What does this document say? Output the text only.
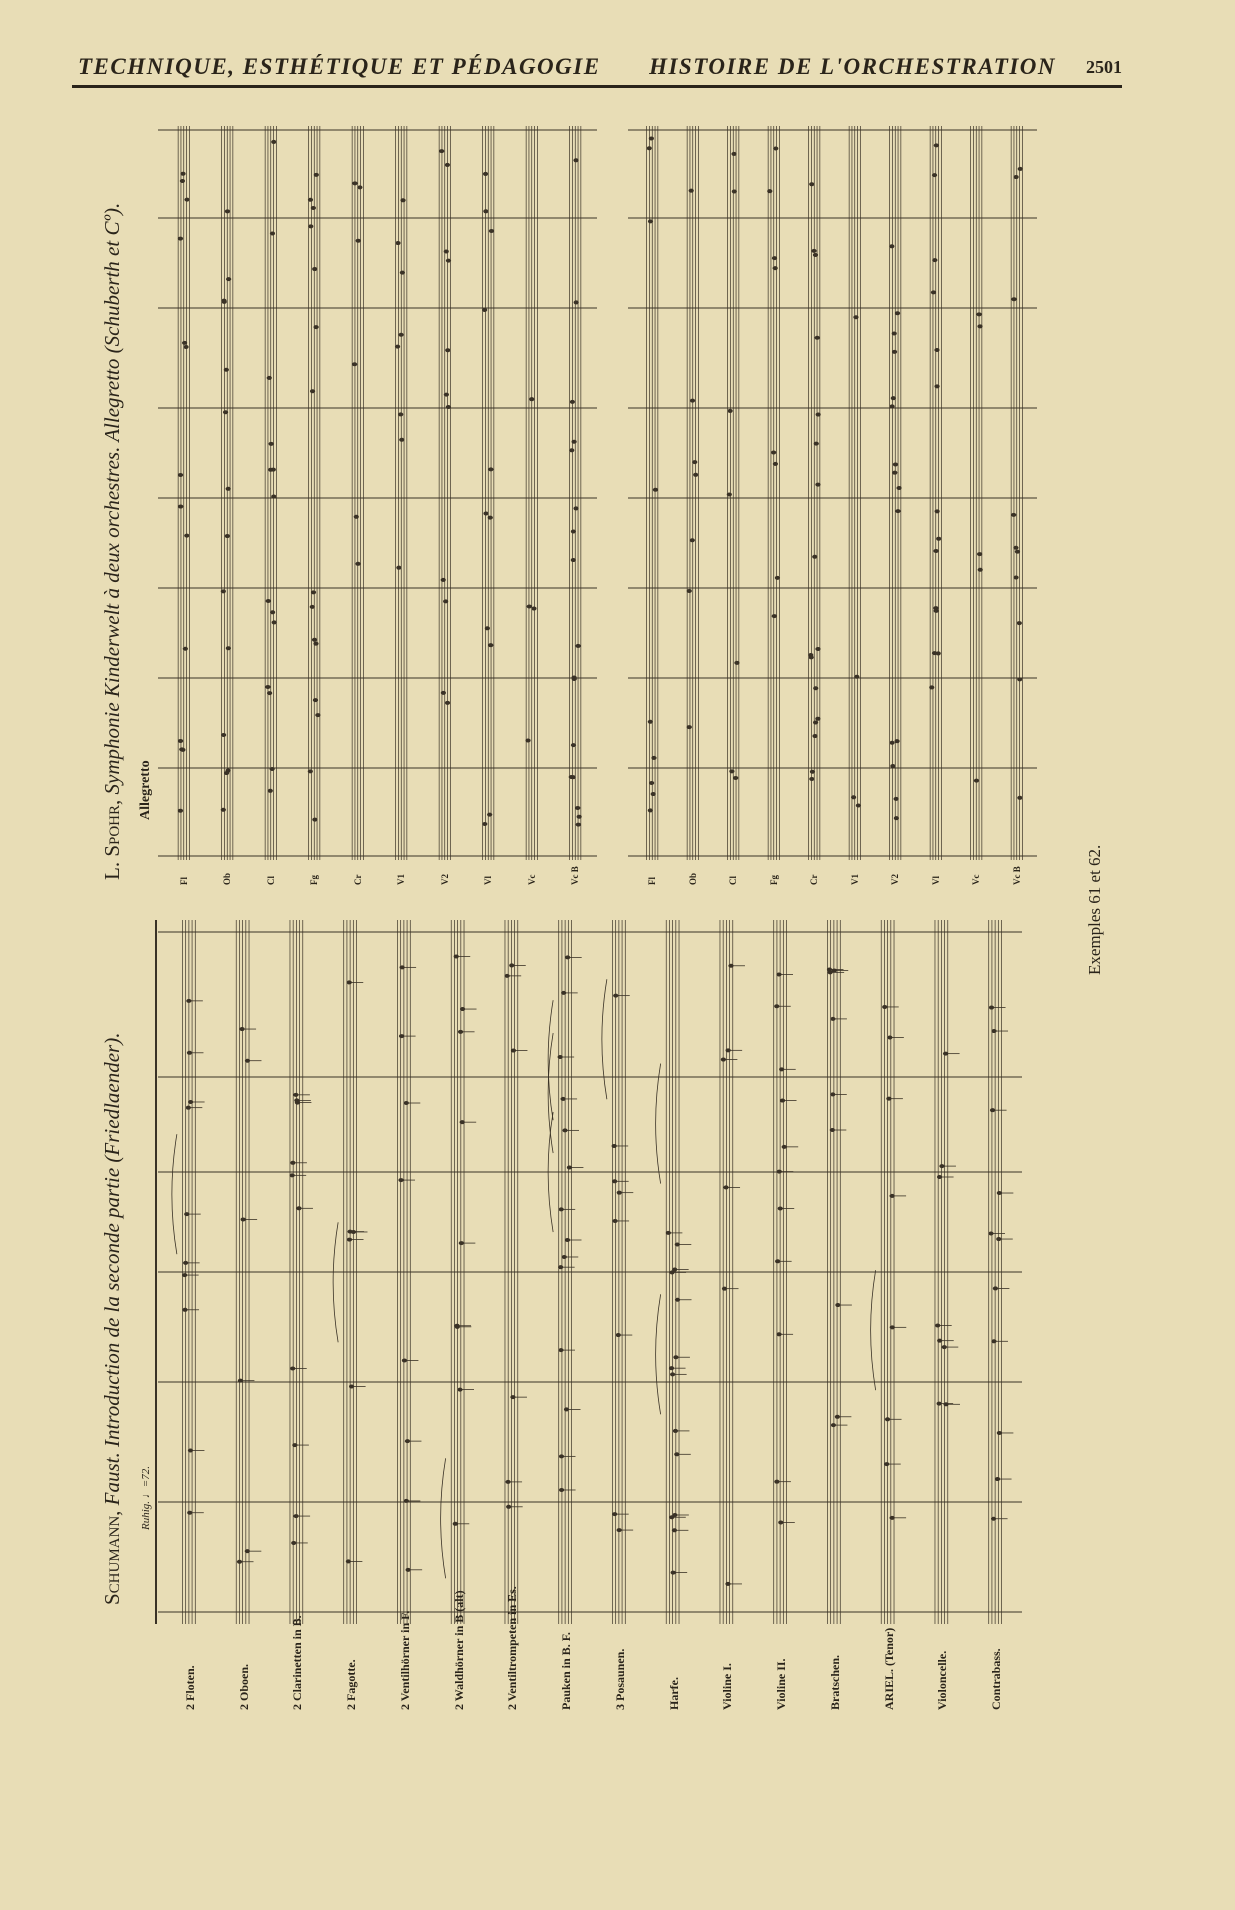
TECHNIQUE, ESTHÉTIQUE ET PÉDAGOGIE HISTOIRE DE L'ORCHESTRATION 2501
Schumann, Faust. Introduction de la seconde partie (Friedlaender).
L. Spohr, Symphonie Kinderwelt à deux orchestres. Allegretto (Schuberth et Cº).
Exemples 61 et 62.
2 Floten.	2 Oboen.	2 Clarinetten in B.	2 Fagotte.	2 Ventilhörner in F.	2 Waldhörner in B (alt)	2 Ventiltrompeten in Es.	Pauken in B. F.	3 Posaunen.	Harfe.	Violine I.	Violine II.	Bratschen.	ARIEL. (Tenor)	Violoncelle.	Contrabass.
Ruhig. ♩=72.
Allegretto
Fl	Ob	Cl	Fg	Cr	V1	V2	Vl	Vc	Vc B	Fl	Ob	Cl	Fg	Cr	V1	V2	Vl	Vc	Vc B
